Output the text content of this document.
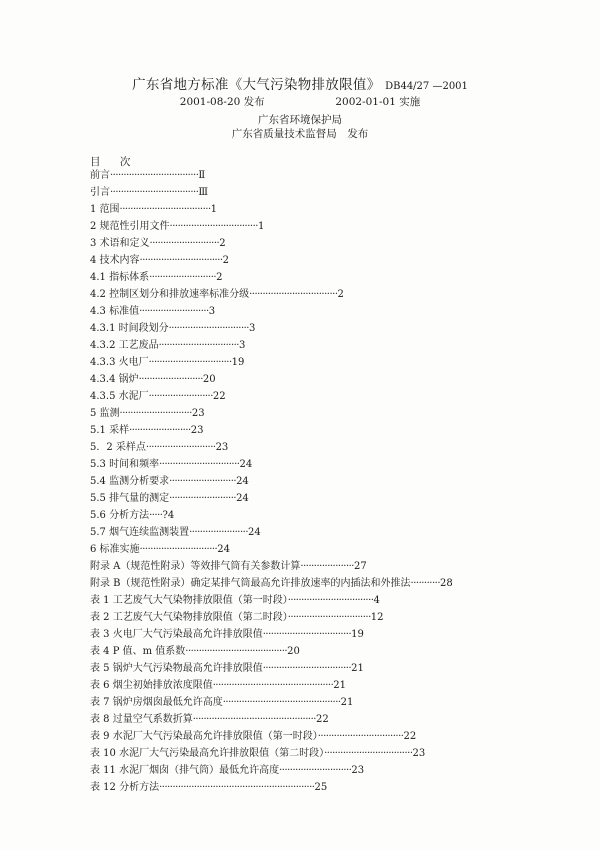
广东省地方标准《大气污染物排放限值》 DB44/27 —2001
2001-08-20 发布	2002-01-01 实施
广东省环境保护局
广东省质量技术监督局　发布
目 次
前言·································Ⅱ
引言·································Ⅲ
1 范围··································1
2 规范性引用文件·································1
3 术语和定义··························2
4 技术内容·······························2
4.1 指标体系·························2
4.2 控制区划分和排放速率标准分级·································2
4.3 标准值··························3
4.3.1 时间段划分······························3
4.3.2 工艺废品······························3
4.3.3 火电厂·······························19
4.3.4 锅炉························20
4.3.5 水泥厂························22
5 监测···························23
5.1 采样·······················23
5．2 采样点··························23
5.3 时间和频率······························24
5.4 监测分析要求·························24
5.5 排气量的测定·························24
5.6 分析方法·····?4
5.7 烟气连续监测装置······················24
6 标准实施·····························24
附录 A（规范性附录）等效排气筒有关参数计算····················27
附录 B（规范性附录）确定某排气筒最高允许排放速率的内插法和外推法···········28
表 1 工艺废气大气染物排放限值（第一时段）································4
表 2 工艺废气大气染物排放限值（第二时段）·······························12
表 3 火电厂大气污染最高允许排放限值·································19
表 4 P 值、m 值系数······································20
表 5 锅炉大气污染物最高允许排放限值·································21
表 6 烟尘初始排放浓度限值·············································21
表 7 锅炉房烟囱最低允许高度············································21
表 8 过量空气系数折算··············································22
表 9 水泥厂大气污染最高允许排放限值（第一时段）································22
表 10 水泥厂大气污染最高允许排放限值（第二时段）·································23
表 11 水泥厂烟囱（排气筒）最低允许高度···························23
表 12 分析方法··························································25
